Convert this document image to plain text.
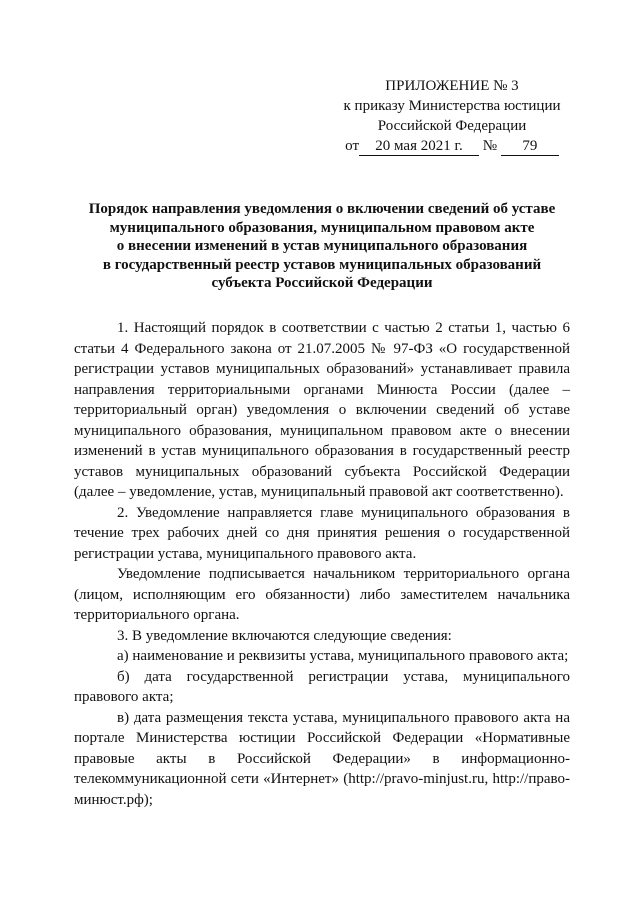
ПРИЛОЖЕНИЕ № 3
к приказу Министерства юстиции
Российской Федерации
от 20 мая 2021 г. № 79
Порядок направления уведомления о включении сведений об уставе
муниципального образования, муниципальном правовом акте
о внесении изменений в устав муниципального образования
в государственный реестр уставов муниципальных образований
субъекта Российской Федерации

1. Настоящий порядок в соответствии с частью 2 статьи 1, частью 6 статьи 4 Федерального закона от 21.07.2005 № 97-ФЗ «О государственной регистрации уставов муниципальных образований» устанавливает правила направления территориальными органами Минюста России (далее – территориальный орган) уведомления о включении сведений об уставе муниципального образования, муниципальном правовом акте о внесении изменений в устав муниципального образования в государственный реестр уставов муниципальных образований субъекта Российской Федерации (далее – уведомление, устав, муниципальный правовой акт соответственно).

2. Уведомление направляется главе муниципального образования в течение трех рабочих дней со дня принятия решения о государственной регистрации устава, муниципального правового акта.

Уведомление подписывается начальником территориального органа (лицом, исполняющим его обязанности) либо заместителем начальника территориального органа.

3. В уведомление включаются следующие сведения:

а) наименование и реквизиты устава, муниципального правового акта;

б) дата государственной регистрации устава, муниципального правового акта;

в) дата размещения текста устава, муниципального правового акта на портале Министерства юстиции Российской Федерации «Нормативные правовые акты в Российской Федерации» в информационно-телекоммуникационной сети «Интернет» (http://pravo-minjust.ru, http://право-минюст.рф);
